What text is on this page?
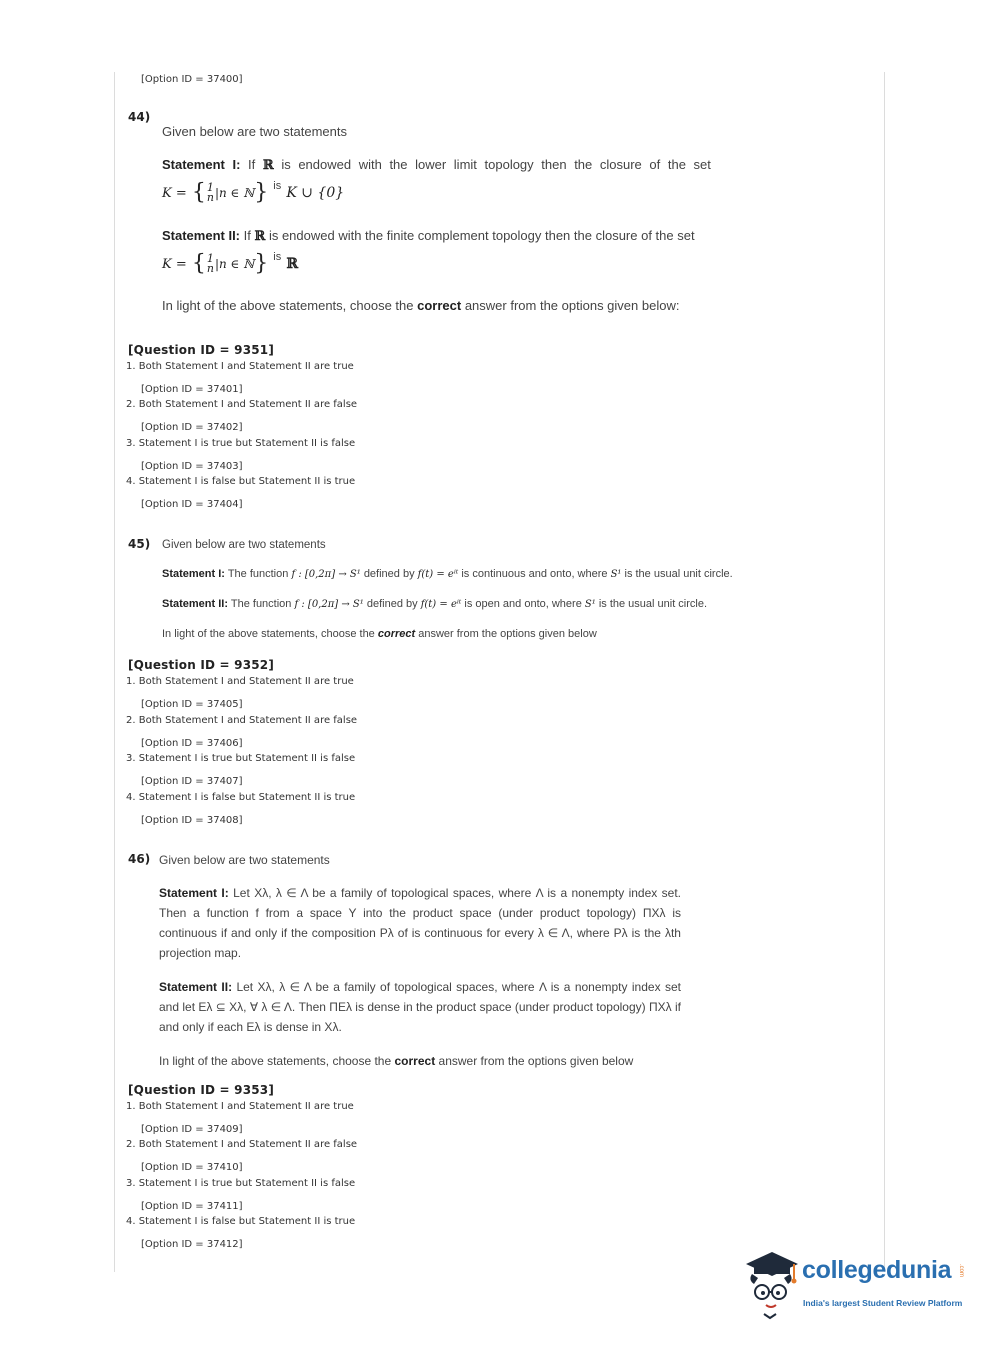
[Option ID = 37400]
44)
Given below are two statements
Statement I: If ℝ is endowed with the lower limit topology then the closure of the set
K = {1
n|n ∈ ℕ} $^{is}$ K ∪ {0}
Statement II: If ℝ is endowed with the finite complement topology then the closure of the set
K = {1
n|n ∈ ℕ} $^{is}$ ℝ
In light of the above statements, choose the correct answer from the options given below:
[Question ID = 9351]
1. Both Statement I and Statement II are true
[Option ID = 37401]
2. Both Statement I and Statement II are false
[Option ID = 37402]
3. Statement I is true but Statement II is false
[Option ID = 37403]
4. Statement I is false but Statement II is true
[Option ID = 37404]
45) Given below are two statements
Statement I: The function f : [0,2π] → S¹ defined by f(t) = eⁱᵗ is continuous and onto, where S¹ is the usual unit circle.
Statement II: The function f : [0,2π] → S¹ defined by f(t) = eⁱᵗ is open and onto, where S¹ is the usual unit circle.
In light of the above statements, choose the correct answer from the options given below
[Question ID = 9352]
1. Both Statement I and Statement II are true
[Option ID = 37405]
2. Both Statement I and Statement II are false
[Option ID = 37406]
3. Statement I is true but Statement II is false
[Option ID = 37407]
4. Statement I is false but Statement II is true
[Option ID = 37408]
46) Given below are two statements
Statement I: Let Xλ, λ ∈ Λ be a family of topological spaces, where Λ is a nonempty index set. Then a function f from a space Y into the product space (under product topology) ΠXλ is continuous if and only if the composition Pλ of is continuous for every λ ∈ Λ, where Pλ is the λth projection map.
Statement II: Let Xλ, λ ∈ Λ be a family of topological spaces, where Λ is a nonempty index set and let Eλ ⊆ Xλ, ∀ λ ∈ Λ. Then ΠEλ is dense in the product space (under product topology) ΠXλ if and only if each Eλ is dense in Xλ.
In light of the above statements, choose the correct answer from the options given below
[Question ID = 9353]
1. Both Statement I and Statement II are true
[Option ID = 37409]
2. Both Statement I and Statement II are false
[Option ID = 37410]
3. Statement I is true but Statement II is false
[Option ID = 37411]
4. Statement I is false but Statement II is true
[Option ID = 37412]
collegedunia .com
India's largest Student Review Platform
